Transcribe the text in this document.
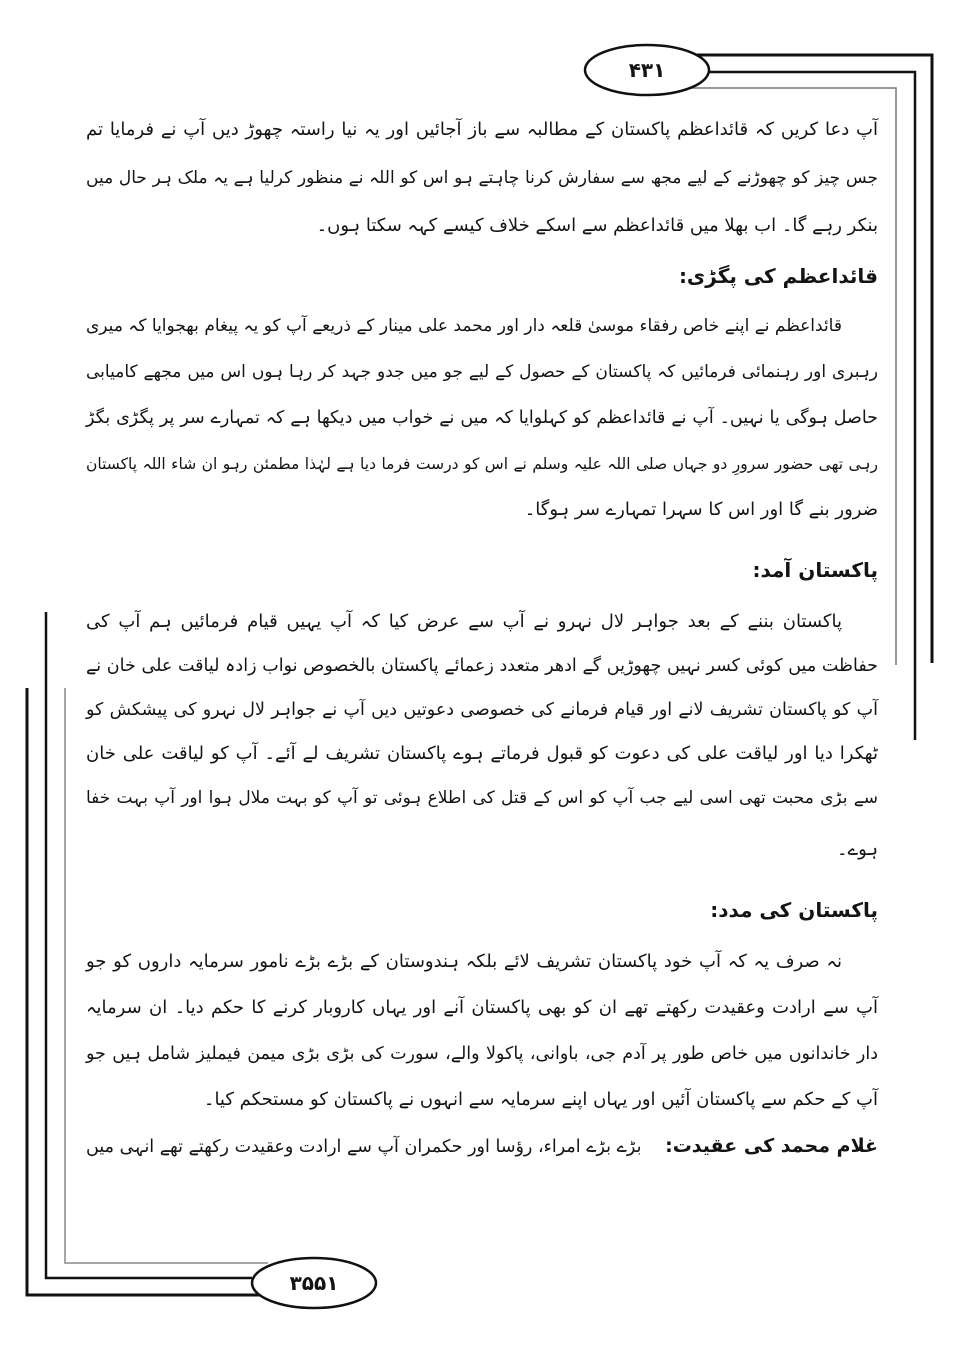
۴۳۱
۳۵۵۱
آپ دعا کریں کہ قائداعظم پاکستان کے مطالبہ سے باز آجائیں اور یہ نیا راستہ چھوڑ دیں آپ نے فرمایا تم
جس چیز کو چھوڑنے کے لیے مجھ سے سفارش کرنا چاہتے ہو اس کو اللہ نے منظور کرلیا ہے یہ ملک ہر حال میں
بنکر رہے گا۔ اب بھلا میں قائداعظم سے اسکے خلاف کیسے کہہ سکتا ہوں۔
قائداعظم کی پگڑی:
قائداعظم نے اپنے خاص رفقاء موسیٰ قلعہ دار اور محمد علی مینار کے ذریعے آپ کو یہ پیغام بھجوایا کہ میری
رہبری اور رہنمائی فرمائیں کہ پاکستان کے حصول کے لیے جو میں جدو جہد کر رہا ہوں اس میں مجھے کامیابی
حاصل ہوگی یا نہیں۔ آپ نے قائداعظم کو کہلوایا کہ میں نے خواب میں دیکھا ہے کہ تمہارے سر پر پگڑی بگڑ
رہی تھی حضور سرورِ دو جہاں صلی اللہ علیہ وسلم نے اس کو درست فرما دیا ہے لہٰذا مطمئن رہو ان شاء اللہ پاکستان
ضرور بنے گا اور اس کا سہرا تمہارے سر ہوگا۔
پاکستان آمد:
پاکستان بننے کے بعد جواہر لال نہرو نے آپ سے عرض کیا کہ آپ یہیں قیام فرمائیں ہم آپ کی
حفاظت میں کوئی کسر نہیں چھوڑیں گے ادھر متعدد زعمائے پاکستان بالخصوص نواب زادہ لیاقت علی خان نے
آپ کو پاکستان تشریف لانے اور قیام فرمانے کی خصوصی دعوتیں دیں آپ نے جواہر لال نہرو کی پیشکش کو
ٹھکرا دیا اور لیاقت علی کی دعوت کو قبول فرماتے ہوے پاکستان تشریف لے آئے۔ آپ کو لیاقت علی خان
سے بڑی محبت تھی اسی لیے جب آپ کو اس کے قتل کی اطلاع ہوئی تو آپ کو بہت ملال ہوا اور آپ بہت خفا
ہوے۔
پاکستان کی مدد:
نہ صرف یہ کہ آپ خود پاکستان تشریف لائے بلکہ ہندوستان کے بڑے بڑے نامور سرمایہ داروں کو جو
آپ سے ارادت وعقیدت رکھتے تھے ان کو بھی پاکستان آنے اور یہاں کاروبار کرنے کا حکم دیا۔ ان سرمایہ
دار خاندانوں میں خاص طور پر آدم جی، باوانی، پاکولا والے، سورت کی بڑی بڑی میمن فیملیز شامل ہیں جو
آپ کے حکم سے پاکستان آئیں اور یہاں اپنے سرمایہ سے انہوں نے پاکستان کو مستحکم کیا۔
غلام محمد کی عقیدت: بڑے بڑے امراء، رؤسا اور حکمران آپ سے ارادت وعقیدت رکھتے تھے انہی میں
